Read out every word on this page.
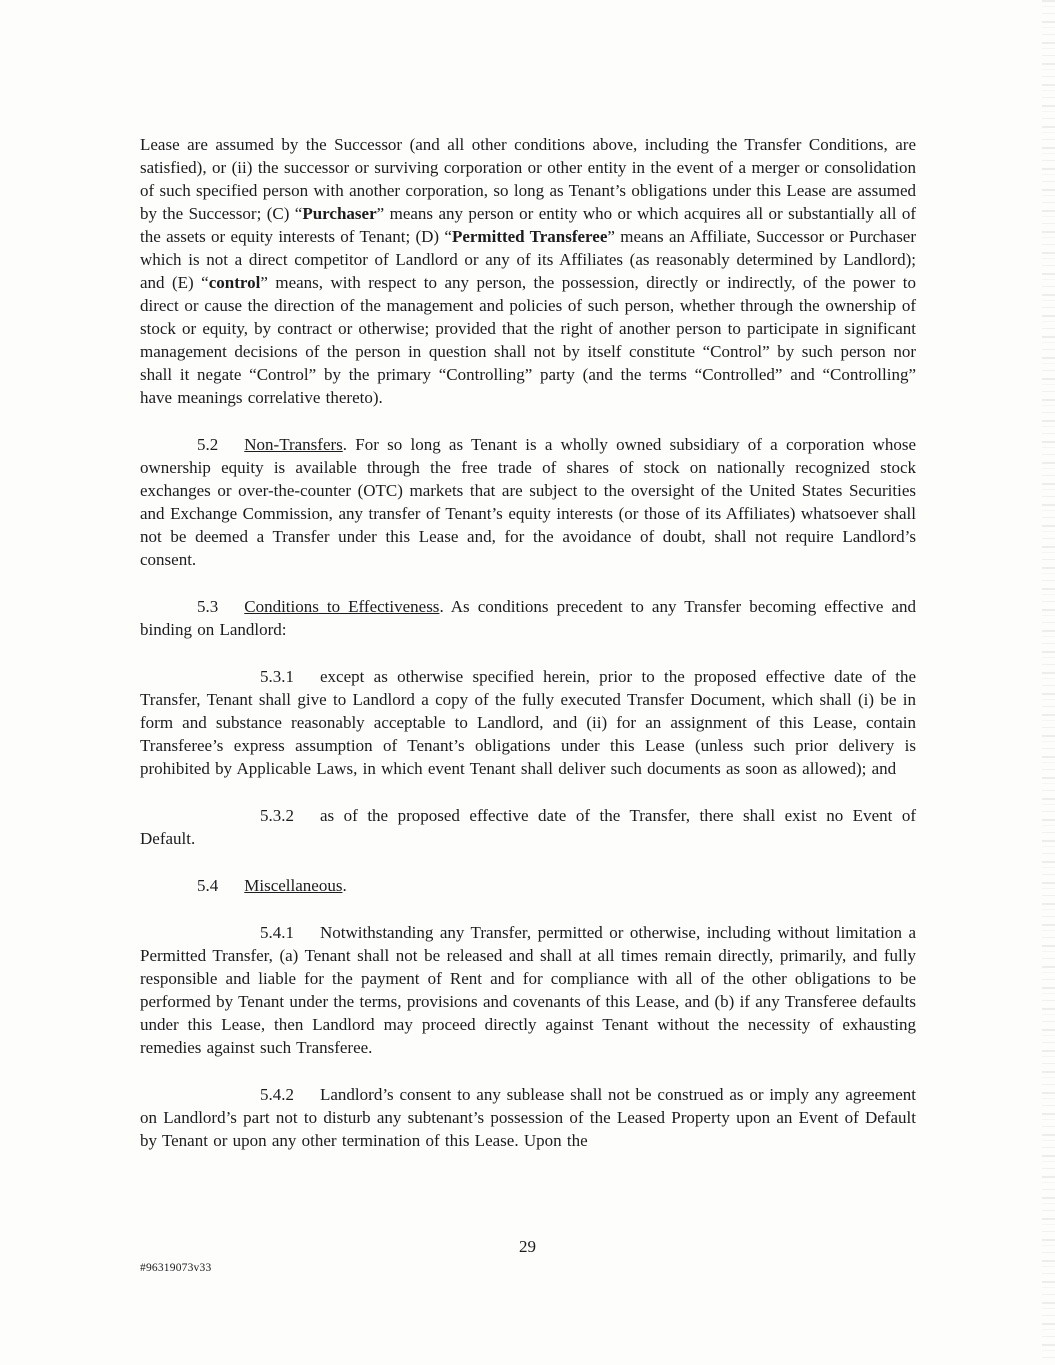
Lease are assumed by the Successor (and all other conditions above, including the Transfer Conditions, are satisfied), or (ii) the successor or surviving corporation or other entity in the event of a merger or consolidation of such specified person with another corporation, so long as Tenant’s obligations under this Lease are assumed by the Successor; (C) “Purchaser” means any person or entity who or which acquires all or substantially all of the assets or equity interests of Tenant; (D) “Permitted Transferee” means an Affiliate, Successor or Purchaser which is not a direct competitor of Landlord or any of its Affiliates (as reasonably determined by Landlord); and (E) “control” means, with respect to any person, the possession, directly or indirectly, of the power to direct or cause the direction of the management and policies of such person, whether through the ownership of stock or equity, by contract or otherwise; provided that the right of another person to participate in significant management decisions of the person in question shall not by itself constitute “Control” by such person nor shall it negate “Control” by the primary “Controlling” party (and the terms “Controlled” and “Controlling” have meanings correlative thereto).

5.2 Non-Transfers. For so long as Tenant is a wholly owned subsidiary of a corporation whose ownership equity is available through the free trade of shares of stock on nationally recognized stock exchanges or over-the-counter (OTC) markets that are subject to the oversight of the United States Securities and Exchange Commission, any transfer of Tenant’s equity interests (or those of its Affiliates) whatsoever shall not be deemed a Transfer under this Lease and, for the avoidance of doubt, shall not require Landlord’s consent.

5.3 Conditions to Effectiveness. As conditions precedent to any Transfer becoming effective and binding on Landlord:

5.3.1 except as otherwise specified herein, prior to the proposed effective date of the Transfer, Tenant shall give to Landlord a copy of the fully executed Transfer Document, which shall (i) be in form and substance reasonably acceptable to Landlord, and (ii) for an assignment of this Lease, contain Transferee’s express assumption of Tenant’s obligations under this Lease (unless such prior delivery is prohibited by Applicable Laws, in which event Tenant shall deliver such documents as soon as allowed); and

5.3.2 as of the proposed effective date of the Transfer, there shall exist no Event of Default.

5.4 Miscellaneous.

5.4.1 Notwithstanding any Transfer, permitted or otherwise, including without limitation a Permitted Transfer, (a) Tenant shall not be released and shall at all times remain directly, primarily, and fully responsible and liable for the payment of Rent and for compliance with all of the other obligations to be performed by Tenant under the terms, provisions and covenants of this Lease, and (b) if any Transferee defaults under this Lease, then Landlord may proceed directly against Tenant without the necessity of exhausting remedies against such Transferee.

5.4.2 Landlord’s consent to any sublease shall not be construed as or imply any agreement on Landlord’s part not to disturb any subtenant’s possession of the Leased Property upon an Event of Default by Tenant or upon any other termination of this Lease. Upon the

29
#96319073v33
